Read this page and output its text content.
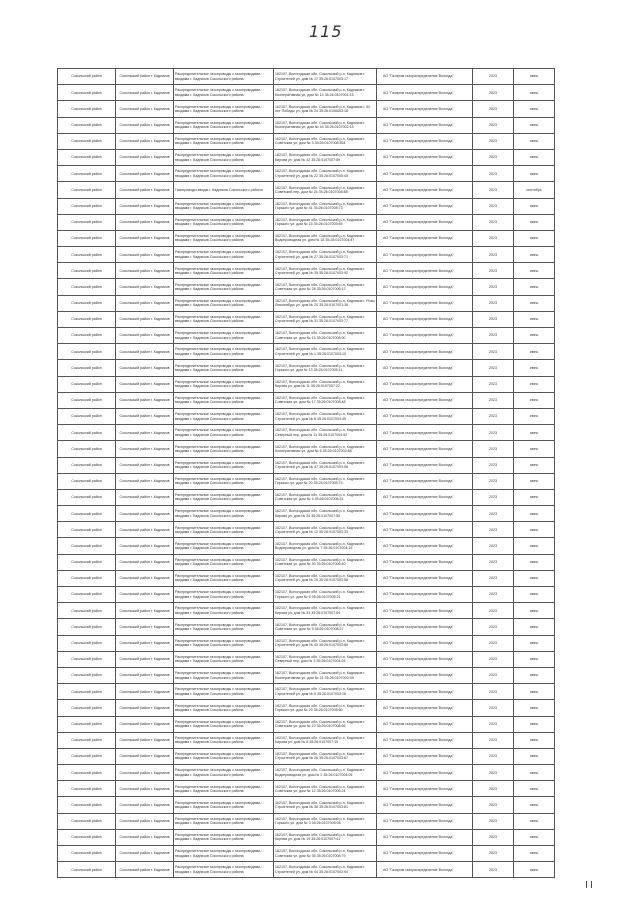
115
Сокольский район	Сокольский район г. Кадников	Распределительные газопроводы с газопроводами-вводами г. Кадников Сокольского района	162107, Вологодская обл. Сокольский р-н, Кадников г. Строителей ул. дом № 17 35:26:0107003:17	АО "Газпром газораспределение Вологда"	2023	июнь
Сокольский район	Сокольский район г. Кадников	Распределительные газопроводы с газопроводами-вводами г. Кадников Сокольского района	162107, Вологодская обл. Сокольский р-н, Кадников г. Кооперативная ул. дом № 14 35:26:0107001:15	АО "Газпром газораспределение Вологда"	2023	июнь
Сокольский район	Сокольский район г. Кадников	Распределительные газопроводы с газопроводами-вводами г. Кадников Сокольского района	162107, Вологодская обл. Сокольский р-н, Кадников г. 50 лет Победы ул. дом № 24 35:26:0106003:18	АО "Газпром газораспределение Вологда"	2023	июнь
Сокольский район	Сокольский район г. Кадников	Распределительные газопроводы с газопроводами-вводами г. Кадников Сокольского района	162107, Вологодская обл. Сокольский р-н, Кадников г. Кооперативная ул. дом № 44 35:26:0107002:14	АО "Газпром газораспределение Вологда"	2023	июнь
Сокольский район	Сокольский район г. Кадников	Распределительные газопроводы с газопроводами-вводами г. Кадников Сокольского района	162107, Вологодская обл. Сокольский р-н, Кадников г. Советская ул. дом № 3 35:26:0107008:554	АО "Газпром газораспределение Вологда"	2023	июнь
Сокольский район	Сокольский район г. Кадников	Распределительные газопроводы с газопроводами-вводами г. Кадников Сокольского района	162107, Вологодская обл. Сокольский р-н, Кадников г. Кирова ул. дом № 42 35:26:0107007:89	АО "Газпром газораспределение Вологда"	2023	июнь
Сокольский район	Сокольский район г. Кадников	Распределительные газопроводы с газопроводами-вводами г. Кадников Сокольского района	162107, Вологодская обл. Сокольский р-н, Кадников г. Строителей ул. дом № 22 35:26:0107005:45	АО "Газпром газораспределение Вологда"	2023	июнь
Сокольский район	Сокольский район г. Кадников	Газопроводы-вводы г. Кадников Сокольского района	162107, Вологодская обл. Сокольский р-н, Кадников г. Советский пер. дом № 24 35:26:0107008:88	АО "Газпром газораспределение Вологда"	2023	сентябрь
Сокольский район	Сокольский район г. Кадников	Распределительные газопроводы с газопроводами-вводами г. Кадников Сокольского района	162107, Вологодская обл. Сокольский р-н, Кадников г. Горького ул. дом № 41 35:26:0107008:73	АО "Газпром газораспределение Вологда"	2023	июнь
Сокольский район	Сокольский район г. Кадников	Распределительные газопроводы с газопроводами-вводами г. Кадников Сокольского района	162107, Вологодская обл. Сокольский р-н, Кадников г. Горького ул. дом № 15 35:26:0107005:69	АО "Газпром газораспределение Вологда"	2023	июнь
Сокольский район	Сокольский район г. Кадников	Распределительные газопроводы с газопроводами-вводами г. Кадников Сокольского района	162107, Вологодская обл. Сокольский р-н, Кадников г. Водопроводная ул. дом № 18 35:26:0107004:47	АО "Газпром газораспределение Вологда"	2023	июнь
Сокольский район	Сокольский район г. Кадников	Распределительные газопроводы с газопроводами-вводами г. Кадников Сокольского района	162107, Вологодская обл. Сокольский р-н, Кадников г. Строителей ул. дом № 27 35:26:0107003:71	АО "Газпром газораспределение Вологда"	2023	июнь
Сокольский район	Сокольский район г. Кадников	Распределительные газопроводы с газопроводами-вводами г. Кадников Сокольского района	162107, Вологодская обл. Сокольский р-н, Кадников г. Строителей ул. дом № 35 35:26:0107003:92	АО "Газпром газораспределение Вологда"	2023	июнь
Сокольский район	Сокольский район г. Кадников	Распределительные газопроводы с газопроводами-вводами г. Кадников Сокольского района	162107, Вологодская обл. Сокольский р-н, Кадников г. Советская ул. дом № 28 35:26:0107006:12	АО "Газпром газораспределение Вологда"	2023	июнь
Сокольский район	Сокольский район г. Кадников	Распределительные газопроводы с газопроводами-вводами г. Кадников Сокольского района	162107, Вологодская обл. Сокольский р-н, Кадников г. Розы Люксембург ул. дом № 20 35:26:0107001:36	АО "Газпром газораспределение Вологда"	2023	июнь
Сокольский район	Сокольский район г. Кадников	Распределительные газопроводы с газопроводами-вводами г. Кадников Сокольского района	162107, Вологодская обл. Сокольский р-н, Кадников г. Строителей ул. дом № 31 35:26:0107003:77	АО "Газпром газораспределение Вологда"	2023	июнь
Сокольский район	Сокольский район г. Кадников	Распределительные газопроводы с газопроводами-вводами г. Кадников Сокольского района	162107, Вологодская обл. Сокольский р-н, Кадников г. Советская ул. дом № 15 35:26:0107008:90	АО "Газпром газораспределение Вологда"	2023	июнь
Сокольский район	Сокольский район г. Кадников	Распределительные газопроводы с газопроводами-вводами г. Кадников Сокольского района	162107, Вологодская обл. Сокольский р-н, Кадников г. Строителей ул. дом № 1 35:26:0107003:10	АО "Газпром газораспределение Вологда"	2023	июнь
Сокольский район	Сокольский район г. Кадников	Распределительные газопроводы с газопроводами-вводами г. Кадников Сокольского района	162107, Вологодская обл. Сокольский р-н, Кадников г. Горького ул. дом № 13 35:26:0107005:11	АО "Газпром газораспределение Вологда"	2023	июнь
Сокольский район	Сокольский район г. Кадников	Распределительные газопроводы с газопроводами-вводами г. Кадников Сокольского района	162107, Вологодская обл. Сокольский р-н, Кадников г. Кирова ул. дом № 11 35:26:0107007:22	АО "Газпром газораспределение Вологда"	2023	июнь
Сокольский район	Сокольский район г. Кадников	Распределительные газопроводы с газопроводами-вводами г. Кадников Сокольского района	162107, Вологодская обл. Сокольский р-н, Кадников г. Советская ул. дом № 17 35:26:0107008:48	АО "Газпром газораспределение Вологда"	2023	июнь
Сокольский район	Сокольский район г. Кадников	Распределительные газопроводы с газопроводами-вводами г. Кадников Сокольского района	162107, Вологодская обл. Сокольский р-н, Кадников г. Строителей ул. дом № 8 35:26:0107003:45	АО "Газпром газораспределение Вологда"	2023	июнь
Сокольский район	Сокольский район г. Кадников	Распределительные газопроводы с газопроводами-вводами г. Кадников Сокольского района	162107, Вологодская обл. Сокольский р-н, Кадников г. Северный пер. дом № 11 35:26:0107004:52	АО "Газпром газораспределение Вологда"	2023	июнь
Сокольский район	Сокольский район г. Кадников	Распределительные газопроводы с газопроводами-вводами г. Кадников Сокольского района	162107, Вологодская обл. Сокольский р-н, Кадников г. Кооперативная ул. дом № 6 35:26:0107002:88	АО "Газпром газораспределение Вологда"	2023	июнь
Сокольский район	Сокольский район г. Кадников	Распределительные газопроводы с газопроводами-вводами г. Кадников Сокольского района	162107, Вологодская обл. Сокольский р-н, Кадников г. Строителей ул. дом № 47 35:26:0107003:98	АО "Газпром газораспределение Вологда"	2023	июнь
Сокольский район	Сокольский район г. Кадников	Распределительные газопроводы с газопроводами-вводами г. Кадников Сокольского района	162107, Вологодская обл. Сокольский р-н, Кадников г. Горького ул. дом № 20 35:26:0107005:74	АО "Газпром газораспределение Вологда"	2023	июнь
Сокольский район	Сокольский район г. Кадников	Распределительные газопроводы с газопроводами-вводами г. Кадников Сокольского района	162107, Вологодская обл. Сокольский р-н, Кадников г. Советская ул. дом № 4 35:26:0107008:31	АО "Газпром газораспределение Вологда"	2023	июнь
Сокольский район	Сокольский район г. Кадников	Распределительные газопроводы с газопроводами-вводами г. Кадников Сокольского района	162107, Вологодская обл. Сокольский р-н, Кадников г. Кирова ул. дом № 25 35:26:0107007:56	АО "Газпром газораспределение Вологда"	2023	июнь
Сокольский район	Сокольский район г. Кадников	Распределительные газопроводы с газопроводами-вводами г. Кадников Сокольского района	162107, Вологодская обл. Сокольский р-н, Кадников г. Строителей ул. дом № 12 35:26:0107003:33	АО "Газпром газораспределение Вологда"	2023	июнь
Сокольский район	Сокольский район г. Кадников	Распределительные газопроводы с газопроводами-вводами г. Кадников Сокольского района	162107, Вологодская обл. Сокольский р-н, Кадников г. Водопроводная ул. дом № 7 35:26:0107004:19	АО "Газпром газораспределение Вологда"	2023	июнь
Сокольский район	Сокольский район г. Кадников	Распределительные газопроводы с газопроводами-вводами г. Кадников Сокольского района	162107, Вологодская обл. Сокольский р-н, Кадников г. Советская ул. дом № 30 35:26:0107006:40	АО "Газпром газораспределение Вологда"	2023	июнь
Сокольский район	Сокольский район г. Кадников	Распределительные газопроводы с газопроводами-вводами г. Кадников Сокольского района	162107, Вологодская обл. Сокольский р-н, Кадников г. Строителей ул. дом № 19 35:26:0107003:58	АО "Газпром газораспределение Вологда"	2023	июнь
Сокольский район	Сокольский район г. Кадников	Распределительные газопроводы с газопроводами-вводами г. Кадников Сокольского района	162107, Вологодская обл. Сокольский р-н, Кадников г. Горького ул. дом № 6 35:26:0107005:21	АО "Газпром газораспределение Вологда"	2023	июнь
Сокольский район	Сокольский район г. Кадников	Распределительные газопроводы с газопроводами-вводами г. Кадников Сокольского района	162107, Вологодская обл. Сокольский р-н, Кадников г. Кирова ул. дом № 33 35:26:0107007:64	АО "Газпром газораспределение Вологда"	2023	июнь
Сокольский район	Сокольский район г. Кадников	Распределительные газопроводы с газопроводами-вводами г. Кадников Сокольского района	162107, Вологодская обл. Сокольский р-н, Кадников г. Советская ул. дом № 9 35:26:0107008:27	АО "Газпром газораспределение Вологда"	2023	июнь
Сокольский район	Сокольский район г. Кадников	Распределительные газопроводы с газопроводами-вводами г. Кадников Сокольского района	162107, Вологодская обл. Сокольский р-н, Кадников г. Строителей ул. дом № 40 35:26:0107003:85	АО "Газпром газораспределение Вологда"	2023	июнь
Сокольский район	Сокольский район г. Кадников	Распределительные газопроводы с газопроводами-вводами г. Кадников Сокольского района	162107, Вологодская обл. Сокольский р-н, Кадников г. Северный пер. дом № 3 35:26:0107004:28	АО "Газпром газораспределение Вологда"	2023	июнь
Сокольский район	Сокольский район г. Кадников	Распределительные газопроводы с газопроводами-вводами г. Кадников Сокольского района	162107, Вологодская обл. Сокольский р-н, Кадников г. Кооперативная ул. дом № 21 35:26:0107002:39	АО "Газпром газораспределение Вологда"	2023	июнь
Сокольский район	Сокольский район г. Кадников	Распределительные газопроводы с газопроводами-вводами г. Кадников Сокольского района	162107, Вологодская обл. Сокольский р-н, Кадников г. Строителей ул. дом № 5 35:26:0107003:16	АО "Газпром газораспределение Вологда"	2023	июнь
Сокольский район	Сокольский район г. Кадников	Распределительные газопроводы с газопроводами-вводами г. Кадников Сокольского района	162107, Вологодская обл. Сокольский р-н, Кадников г. Горького ул. дом № 29 35:26:0107005:60	АО "Газпром газораспределение Вологда"	2023	июнь
Сокольский район	Сокольский район г. Кадников	Распределительные газопроводы с газопроводами-вводами г. Кадников Сокольского района	162107, Вологодская обл. Сокольский р-н, Кадников г. Советская ул. дом № 22 35:26:0107008:66	АО "Газпром газораспределение Вологда"	2023	июнь
Сокольский район	Сокольский район г. Кадников	Распределительные газопроводы с газопроводами-вводами г. Кадников Сокольского района	162107, Вологодская обл. Сокольский р-н, Кадников г. Кирова ул. дом № 8 35:26:0107007:15	АО "Газпром газораспределение Вологда"	2023	июнь
Сокольский район	Сокольский район г. Кадников	Распределительные газопроводы с газопроводами-вводами г. Кадников Сокольского района	162107, Вологодская обл. Сокольский р-н, Кадников г. Строителей ул. дом № 26 35:26:0107003:67	АО "Газпром газораспределение Вологда"	2023	июнь
Сокольский район	Сокольский район г. Кадников	Распределительные газопроводы с газопроводами-вводами г. Кадников Сокольского района	162107, Вологодская обл. Сокольский р-н, Кадников г. Водопроводная ул. дом № 2 35:26:0107004:05	АО "Газпром газораспределение Вологда"	2023	июнь
Сокольский район	Сокольский район г. Кадников	Распределительные газопроводы с газопроводами-вводами г. Кадников Сокольского района	162107, Вологодская обл. Сокольский р-н, Кадников г. Советская ул. дом № 12 35:26:0107006:24	АО "Газпром газораспределение Вологда"	2023	июнь
Сокольский район	Сокольский район г. Кадников	Распределительные газопроводы с газопроводами-вводами г. Кадников Сокольского района	162107, Вологодская обл. Сокольский р-н, Кадников г. Строителей ул. дом № 38 35:26:0107003:81	АО "Газпром газораспределение Вологда"	2023	июнь
Сокольский район	Сокольский район г. Кадников	Распределительные газопроводы с газопроводами-вводами г. Кадников Сокольского района	162107, Вологодская обл. Сокольский р-н, Кадников г. Горького ул. дом № 3 35:26:0107005:08	АО "Газпром газораспределение Вологда"	2023	июнь
Сокольский район	Сокольский район г. Кадников	Распределительные газопроводы с газопроводами-вводами г. Кадников Сокольского района	162107, Вологодская обл. Сокольский р-н, Кадников г. Кирова ул. дом № 19 35:26:0107007:41	АО "Газпром газораспределение Вологда"	2023	июнь
Сокольский район	Сокольский район г. Кадников	Распределительные газопроводы с газопроводами-вводами г. Кадников Сокольского района	162107, Вологодская обл. Сокольский р-н, Кадников г. Советская ул. дом № 36 35:26:0107008:79	АО "Газпром газораспределение Вологда"	2023	июнь
Сокольский район	Сокольский район г. Кадников	Распределительные газопроводы с газопроводами-вводами г. Кадников Сокольского района	162107, Вологодская обл. Сокольский р-н, Кадников г. Строителей ул. дом № 44 35:26:0107003:94	АО "Газпром газораспределение Вологда"	2023	июнь
II
